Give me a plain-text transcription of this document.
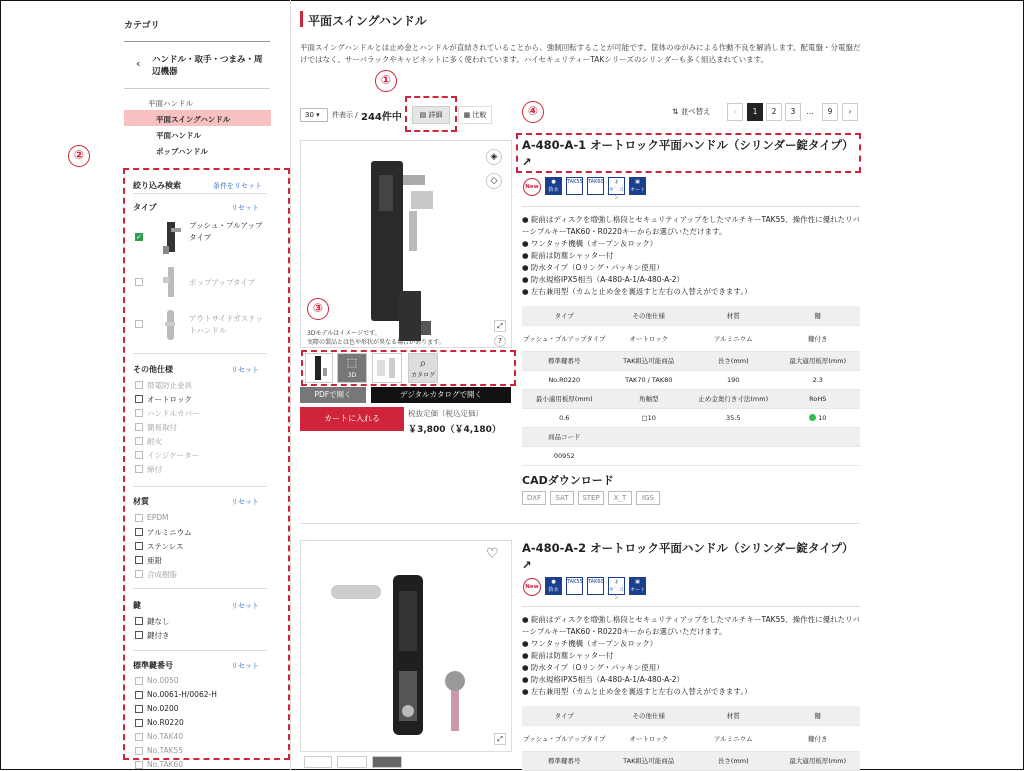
カテゴリ
‹ ハンドル・取手・つまみ・周辺機器
平面ハンドル
平面スイングハンドル
平面ハンドル
ポップハンドル
絞り込み検索	条件をリセット
タイプ	リセット
✓
プッシュ・プルアップタイプ
ポップアップタイプ
アウトサイドガスケットハンドル
その他仕様	リセット
帯電防止金具
オートロック
ハンドルカバー
簡易取付
耐火
インジケーター
締付
材質	リセット
EPDM
アルミニウム
ステンレス
亜鉛
合成樹脂
鍵	リセット
鍵なし
鍵付き
標準鍵番号	リセット
No.0050
No.0061-H/0062-H
No.0200
No.R0220
No.TAK40
No.TAK55
No.TAK60
②
平面スイングハンドル
平面スイングハンドルとは止め金とハンドルが直結されていることから、強制回転することが可能です。筐体のゆがみによる作動不良を解消します。配電盤・分電盤だけではなく、サーバラックやキャビネットに多く使われています。ハイセキュリティーTAKシリーズのシリンダーも多く組込まれています。
①
30 ▾	件表示 / 244件中	▤ 詳細	▦ 比較	④	⇅ 並べ替え	‹	1	2	3	…	9	›
◈
◇
⤢
?
3Dモデルはイメージです。
実際の製品とは色や形状が異なる場合があります。
③
⬚
3D
⌕
カタログ
PDFで開く	デジタルカタログで開く
カートに入れる
税抜定価（税込定価）
￥3,800（￥4,180）
A-480-A-1 オートロック平面ハンドル（シリンダー錠タイプ） ↗
New
●
防水
TAK55 TAK60	⚷
キ゛コン
▣
オートロック
● 錠前はディスクを増強し格段とセキュリティアップをしたマルチキーTAK55、操作性に優れたリバーシブルキーTAK60・R0220キーからお選びいただけます。
● ワンタッチ機構（オープン＆ロック）
● 錠前は防塵シャッター付
● 防水タイプ（Oリング・パッキン使用）
● 防水規格IPX5相当（A-480-A-1/A-480-A-2）
● 左右兼用型（カムと止め金を裏返すと左右の入替えができます。）
タイプ	その他仕様	材質	鍵
プッシュ・プルアップタイプ	オートロック	アルミニウム	鍵付き
標準鍵番号	TAK組込可能商品	長さ(mm)	最大適用板厚(mm)
No.R0220	TAK70 / TAK80	190	2.3
最小適用板厚(mm)	角軸型	止め金奥行き寸法(mm)	RoHS
0.6	□10	35.5	10
商品コード			
00952			
CADダウンロード
DXF	SAT	STEP	X_T	IGS
♡
⤢
A-480-A-2 オートロック平面ハンドル（シリンダー錠タイプ） ↗
New
●
防水
TAK55 TAK60	⚷
キ゛コン
▣
オートロック
● 錠前はディスクを増強し格段とセキュリティアップをしたマルチキーTAK55、操作性に優れたリバーシブルキーTAK60・R0220キーからお選びいただけます。
● ワンタッチ機構（オープン＆ロック）
● 錠前は防塵シャッター付
● 防水タイプ（Oリング・パッキン使用）
● 防水規格IPX5相当（A-480-A-1/A-480-A-2）
● 左右兼用型（カムと止め金を裏返すと左右の入替えができます。）
タイプ	その他仕様	材質	鍵
プッシュ・プルアップタイプ	オートロック	アルミニウム	鍵付き
標準鍵番号	TAK組込可能商品	長さ(mm)	最大適用板厚(mm)
